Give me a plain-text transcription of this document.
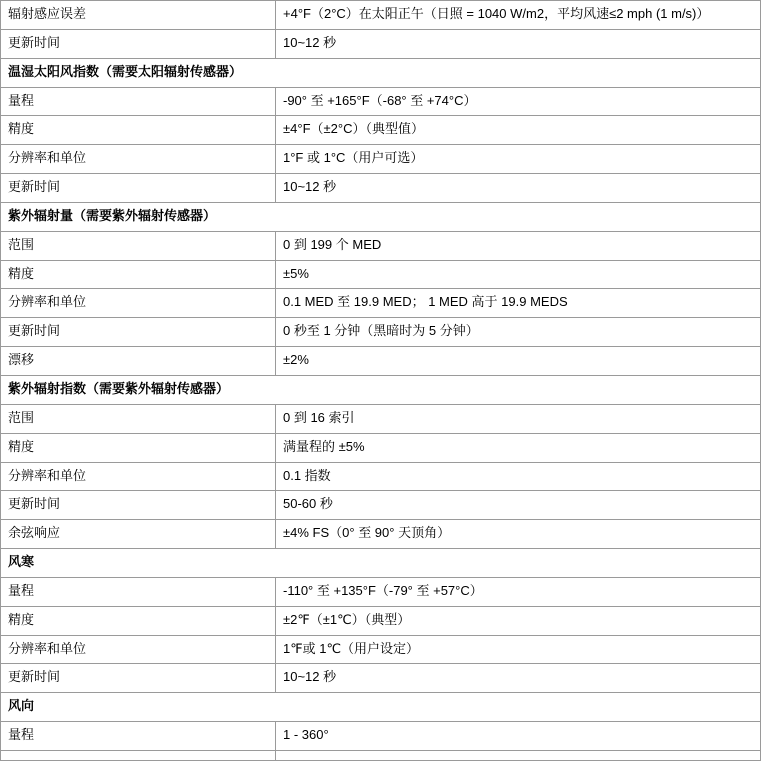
辐射感应误差	+4°F（2°C）在太阳正午（日照 = 1040 W/m2，平均风速≤2 mph (1 m/s)）
更新时间	10~12 秒
温湿太阳风指数（需要太阳辐射传感器）	
量程	-90° 至 +165°F（-68° 至 +74°C）
精度	±4°F（±2°C）（典型值）
分辨率和单位	1°F 或 1°C（用户可选）
更新时间	10~12 秒
紫外辐射量（需要紫外辐射传感器）	
范围	0 到 199 个 MED
精度	±5%
分辨率和单位	0.1 MED 至 19.9 MED； 1 MED 高于 19.9 MEDS
更新时间	0 秒至 1 分钟（黑暗时为 5 分钟）
漂移	±2%
紫外辐射指数（需要紫外辐射传感器）	
范围	0 到 16 索引
精度	满量程的 ±5%
分辨率和单位	0.1 指数
更新时间	50-60 秒
余弦响应	±4% FS（0° 至 90° 天顶角）
风寒	
量程	-110° 至 +135°F（-79° 至 +57°C）
精度	±2℉（±1℃）（典型）
分辨率和单位	1℉或 1℃（用户设定）
更新时间	10~12 秒
风向	
量程	1 - 360°
